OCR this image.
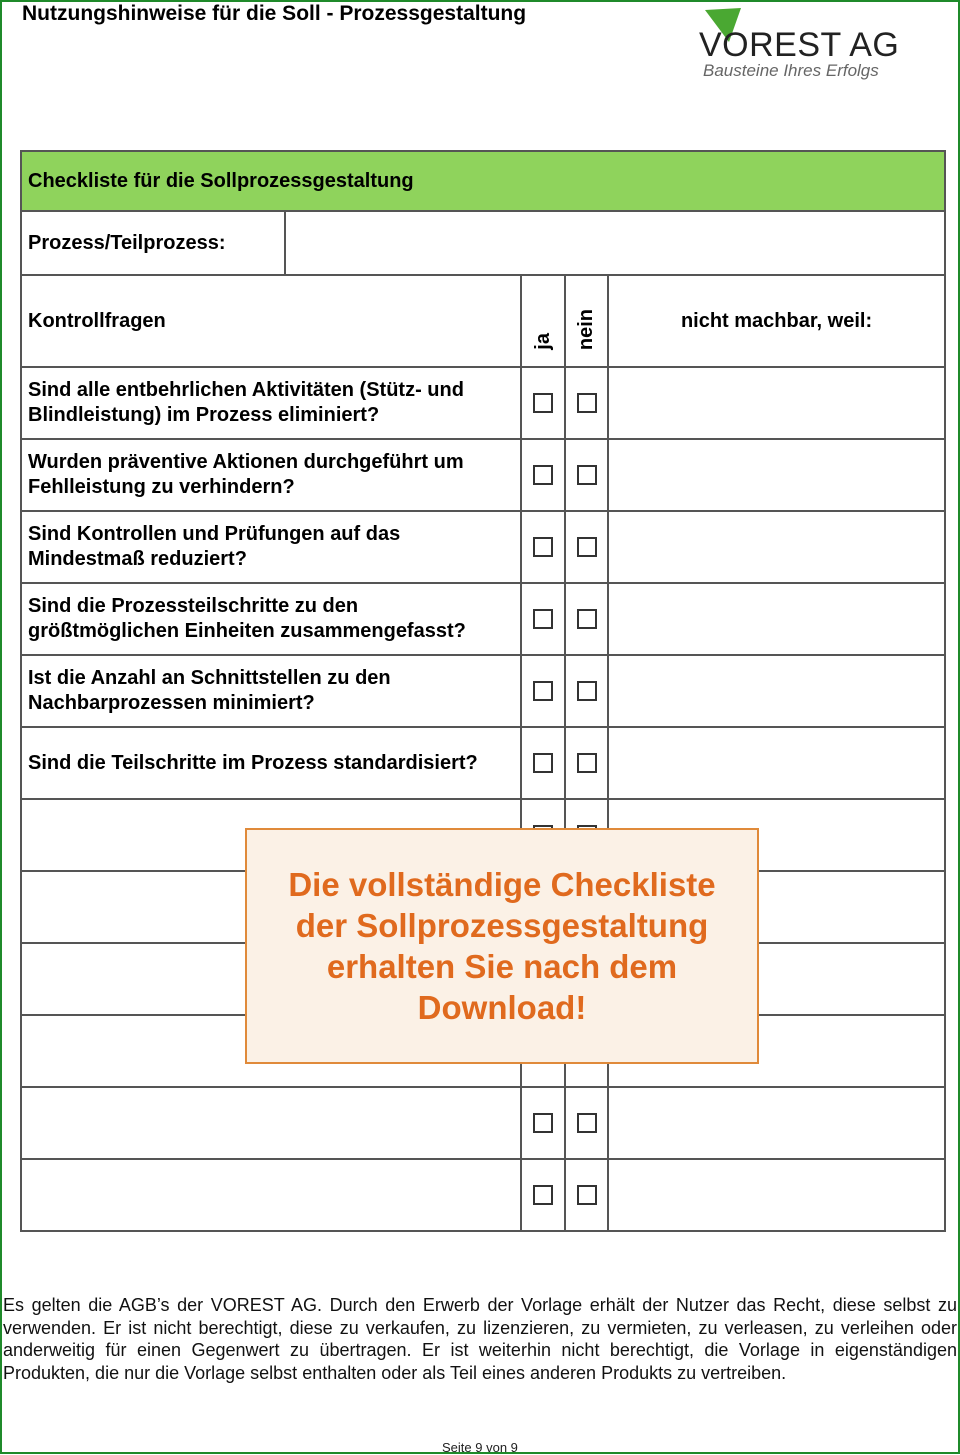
Nutzungshinweise für die Soll - Prozessgestaltung
VOREST AG
Bausteine Ihres Erfolgs
Checkliste für die Sollprozessgestaltung				
Prozess/Teilprozess:				
Kontrollfragen		ja	nein	nicht machbar, weil:
Sind alle entbehrlichen Aktivitäten (Stütz- und
Blindleistung) im Prozess eliminiert?				
Wurden präventive Aktionen durchgeführt um
Fehlleistung zu verhindern?				
Sind Kontrollen und Prüfungen auf das
Mindestmaß reduziert?				
Sind die Prozessteilschritte zu den
größtmöglichen Einheiten zusammengefasst?				
Ist die Anzahl an Schnittstellen zu den
Nachbarprozessen minimiert?				
Sind die Teilschritte im Prozess standardisiert?				

Die vollständige Checkliste
der Sollprozessgestaltung
erhalten Sie nach dem
Download!
Es gelten die AGB’s der VOREST AG. Durch den Erwerb der Vorlage erhält der Nutzer das Recht, diese selbst zu verwenden. Er ist nicht berechtigt, diese zu verkaufen, zu lizenzieren, zu vermieten, zu verleasen, zu verleihen oder anderweitig für einen Gegenwert zu übertragen. Er ist weiterhin nicht berechtigt, die Vorlage in eigenständigen Produkten, die nur die Vorlage selbst enthalten oder als Teil eines anderen Produkts zu vertreiben.
Seite 9 von 9
